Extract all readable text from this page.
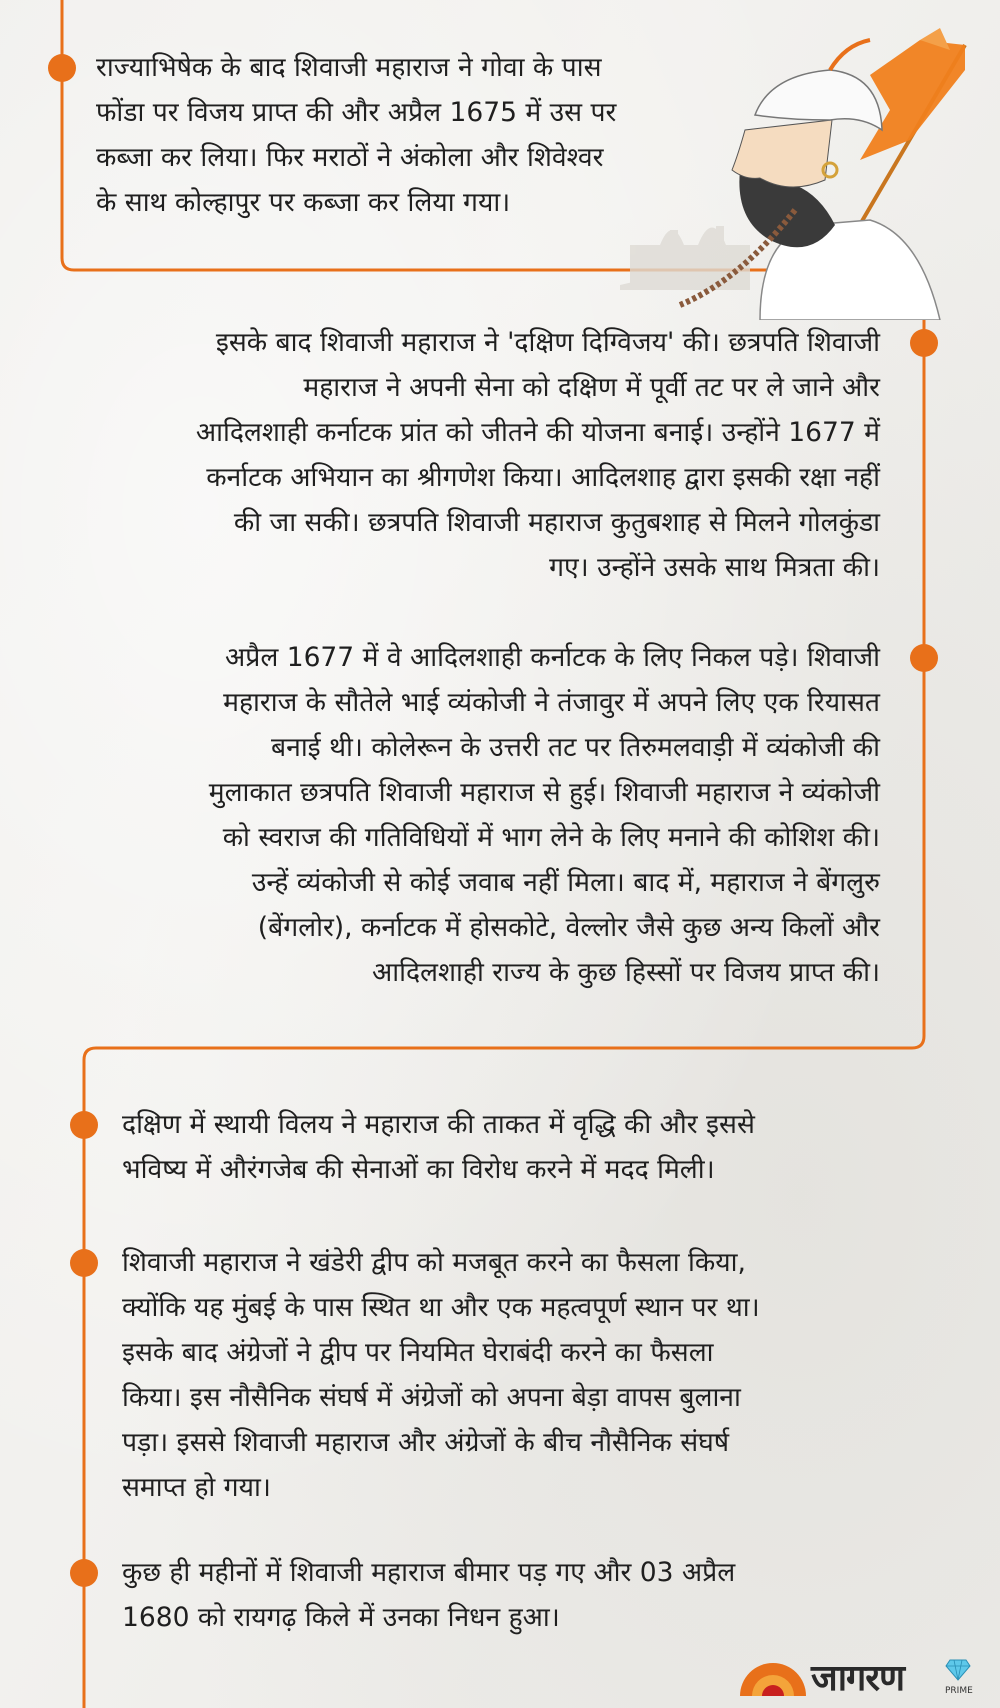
राज्याभिषेक के बाद शिवाजी महाराज ने गोवा के पास
फोंडा पर विजय प्राप्त की और अप्रैल 1675 में उस पर
कब्जा कर लिया। फिर मराठों ने अंकोला और शिवेश्वर
के साथ कोल्हापुर पर कब्जा कर लिया गया।
इसके बाद शिवाजी महाराज ने 'दक्षिण दिग्विजय' की। छत्रपति शिवाजी
महाराज ने अपनी सेना को दक्षिण में पूर्वी तट पर ले जाने और
आदिलशाही कर्नाटक प्रांत को जीतने की योजना बनाई। उन्होंने 1677 में
कर्नाटक अभियान का श्रीगणेश किया। आदिलशाह द्वारा इसकी रक्षा नहीं
की जा सकी। छत्रपति शिवाजी महाराज कुतुबशाह से मिलने गोलकुंडा
गए। उन्होंने उसके साथ मित्रता की।
अप्रैल 1677 में वे आदिलशाही कर्नाटक के लिए निकल पड़े। शिवाजी
महाराज के सौतेले भाई व्यंकोजी ने तंजावुर में अपने लिए एक रियासत
बनाई थी। कोलेरून के उत्तरी तट पर तिरुमलवाड़ी में व्यंकोजी की
मुलाकात छत्रपति शिवाजी महाराज से हुई। शिवाजी महाराज ने व्यंकोजी
को स्वराज की गतिविधियों में भाग लेने के लिए मनाने की कोशिश की।
उन्हें व्यंकोजी से कोई जवाब नहीं मिला। बाद में, महाराज ने बेंगलुरु
(बेंगलोर), कर्नाटक में होसकोटे, वेल्लोर जैसे कुछ अन्य किलों और
आदिलशाही राज्य के कुछ हिस्सों पर विजय प्राप्त की।
दक्षिण में स्थायी विलय ने महाराज की ताकत में वृद्धि की और इससे
भविष्य में औरंगजेब की सेनाओं का विरोध करने में मदद मिली।
शिवाजी महाराज ने खंडेरी द्वीप को मजबूत करने का फैसला किया,
क्योंकि यह मुंबई के पास स्थित था और एक महत्वपूर्ण स्थान पर था।
इसके बाद अंग्रेजों ने द्वीप पर नियमित घेराबंदी करने का फैसला
किया। इस नौसैनिक संघर्ष में अंग्रेजों को अपना बेड़ा वापस बुलाना
पड़ा। इससे शिवाजी महाराज और अंग्रेजों के बीच नौसैनिक संघर्ष
समाप्त हो गया।
कुछ ही महीनों में शिवाजी महाराज बीमार पड़ गए और 03 अप्रैल
1680 को रायगढ़ किले में उनका निधन हुआ।
जागरण	PRIME
